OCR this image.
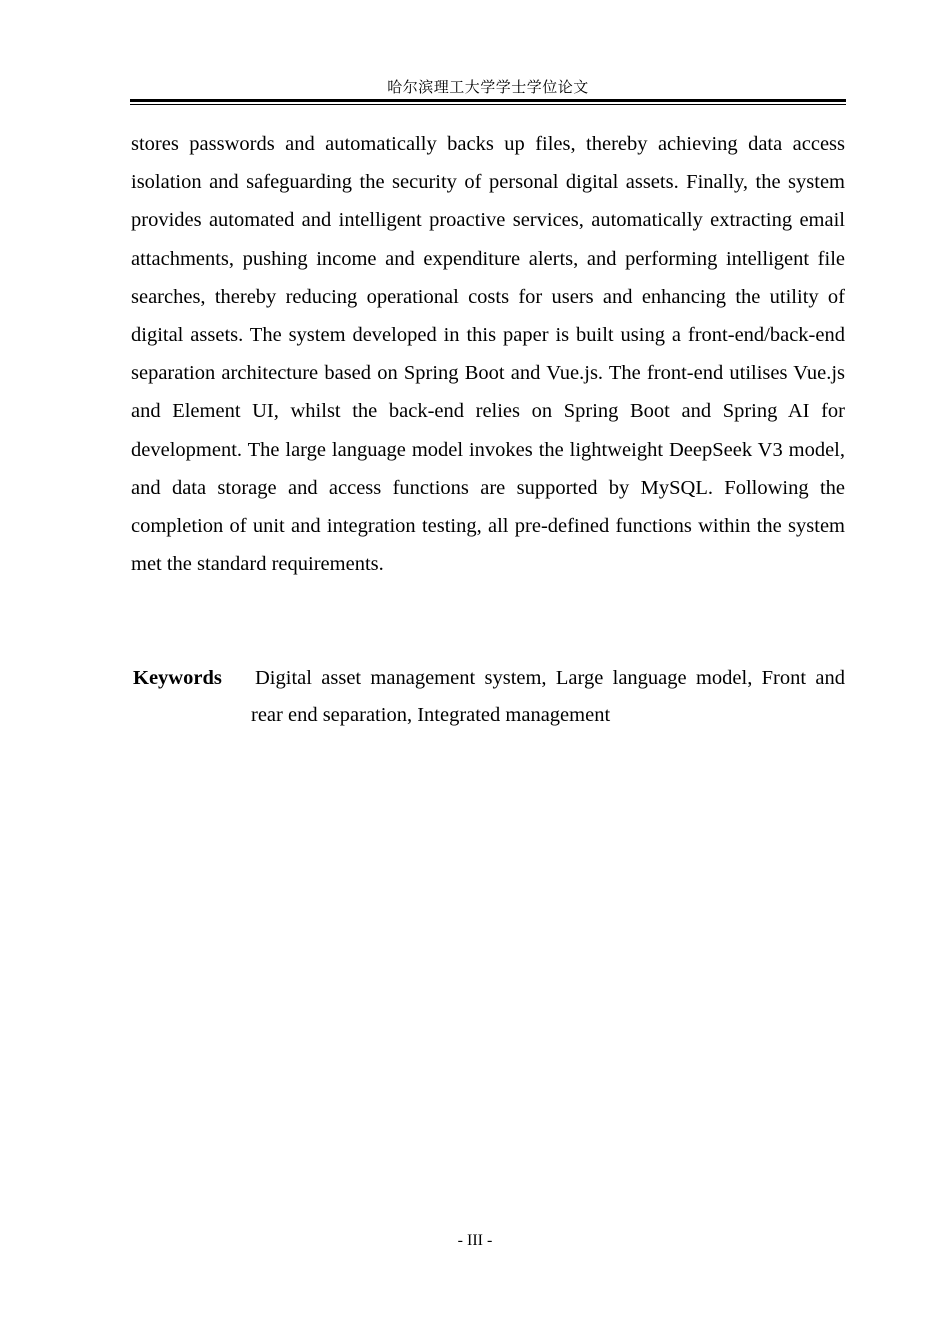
哈尔滨理工大学学士学位论文

stores passwords and automatically backs up files, thereby achieving data access isolation and safeguarding the security of personal digital assets. Finally, the system provides automated and intelligent proactive services, automatically extracting email attachments, pushing income and expenditure alerts, and performing intelligent file searches, thereby reducing operational costs for users and enhancing the utility of digital assets. The system developed in this paper is built using a front-end/back-end separation architecture based on Spring Boot and Vue.js. The front-end utilises Vue.js and Element UI, whilst the back-end relies on Spring Boot and Spring AI for development. The large language model invokes the lightweight DeepSeek V3 model, and data storage and access functions are supported by MySQL. Following the completion of unit and integration testing, all pre-defined functions within the system met the standard requirements.

Keywords Digital asset management system, Large language model, Front and rear end separation, Integrated management

- III -
